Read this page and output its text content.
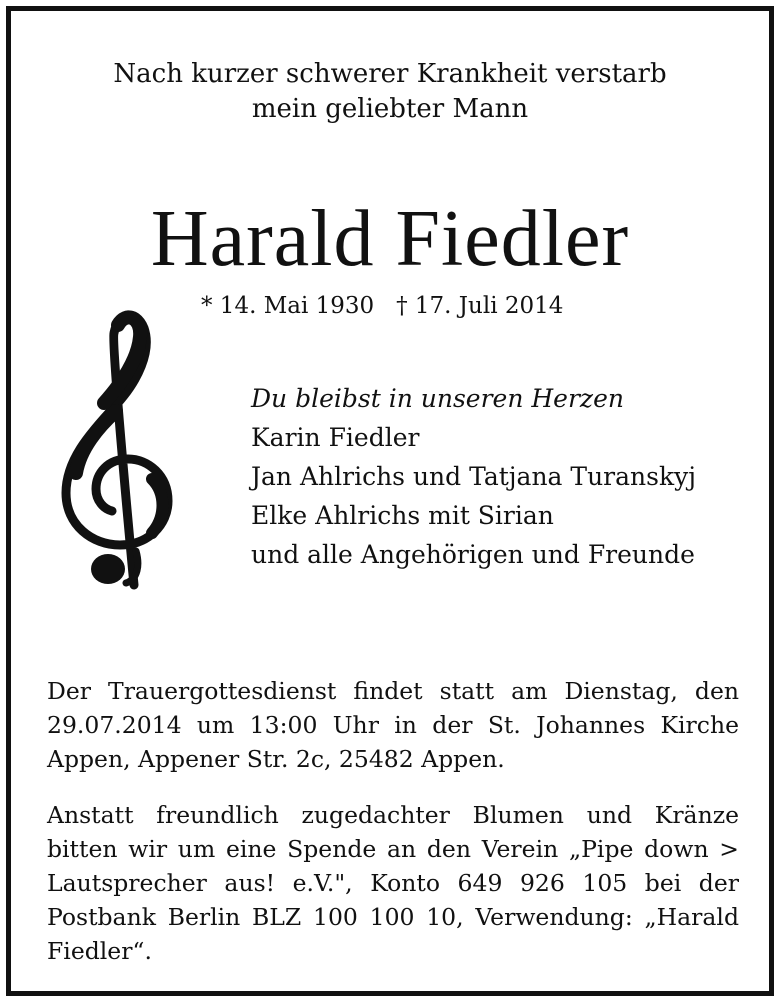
Nach kurzer schwerer Krankheit verstarb
mein geliebter Mann
Harald Fiedler
* 14. Mai 1930 † 17. Juli 2014
Du bleibst in unseren Herzen
Karin Fiedler
Jan Ahlrichs und Tatjana Turanskyj
Elke Ahlrichs mit Sirian
und alle Angehörigen und Freunde
Der Trauergottesdienst findet statt am Dienstag, den 29.07.2014 um 13:00 Uhr in der St. Johannes Kirche Appen, Appener Str. 2c, 25482 Appen.
Anstatt freundlich zugedachter Blumen und Kränze bitten wir um eine Spende an den Verein „Pipe down > Lautsprecher aus! e.V.", Konto 649 926 105 bei der Postbank Berlin BLZ 100 100 10, Verwendung: „Harald Fiedler“.
